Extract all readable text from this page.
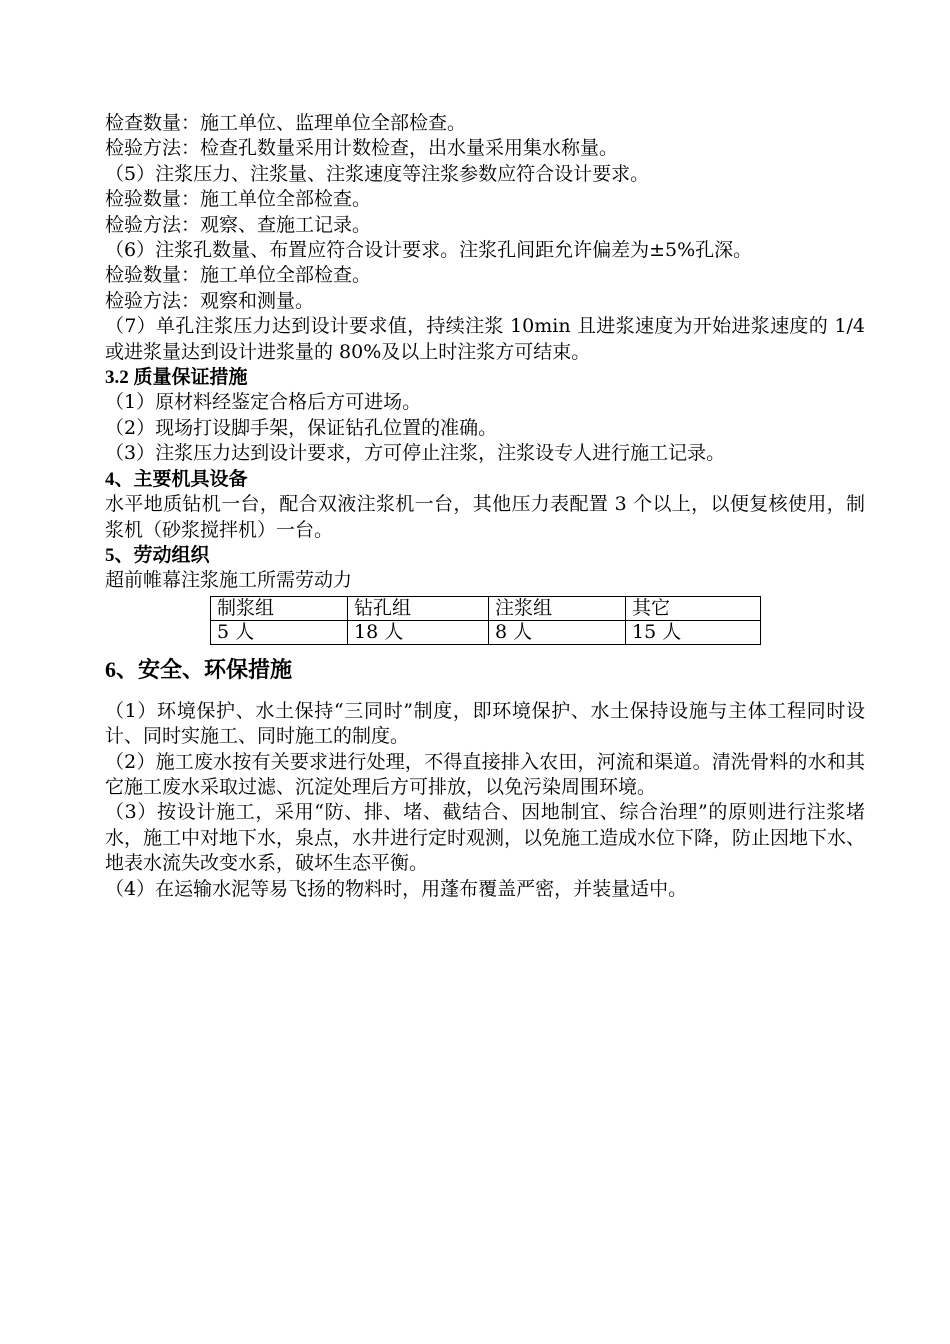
检查数量：施工单位、监理单位全部检查。
检验方法：检查孔数量采用计数检查，出水量采用集水称量。
（5）注浆压力、注浆量、注浆速度等注浆参数应符合设计要求。
检验数量：施工单位全部检查。
检验方法：观察、查施工记录。
（6）注浆孔数量、布置应符合设计要求。注浆孔间距允许偏差为±5%孔深。
检验数量：施工单位全部检查。
检验方法：观察和测量。
（7）单孔注浆压力达到设计要求值，持续注浆 10min 且进浆速度为开始进浆速度的 1/4 或进浆量达到设计进浆量的 80%及以上时注浆方可结束。
3.2 质量保证措施
（1）原材料经鉴定合格后方可进场。
（2）现场打设脚手架，保证钻孔位置的准确。
（3）注浆压力达到设计要求，方可停止注浆，注浆设专人进行施工记录。
4、主要机具设备
水平地质钻机一台，配合双液注浆机一台，其他压力表配置 3 个以上，以便复核使用，制浆机（砂浆搅拌机）一台。
5、劳动组织
超前帷幕注浆施工所需劳动力
制浆组	钻孔组	注浆组	其它
5 人	18 人	8 人	15 人
6、安全、环保措施
（1）环境保护、水土保持“三同时”制度，即环境保护、水土保持设施与主体工程同时设计、同时实施工、同时施工的制度。
（2）施工废水按有关要求进行处理，不得直接排入农田，河流和渠道。清洗骨料的水和其它施工废水采取过滤、沉淀处理后方可排放，以免污染周围环境。
（3）按设计施工，采用“防、排、堵、截结合、因地制宜、综合治理”的原则进行注浆堵水，施工中对地下水，泉点，水井进行定时观测，以免施工造成水位下降，防止因地下水、地表水流失改变水系，破坏生态平衡。
（4）在运输水泥等易飞扬的物料时，用蓬布覆盖严密，并装量适中。
